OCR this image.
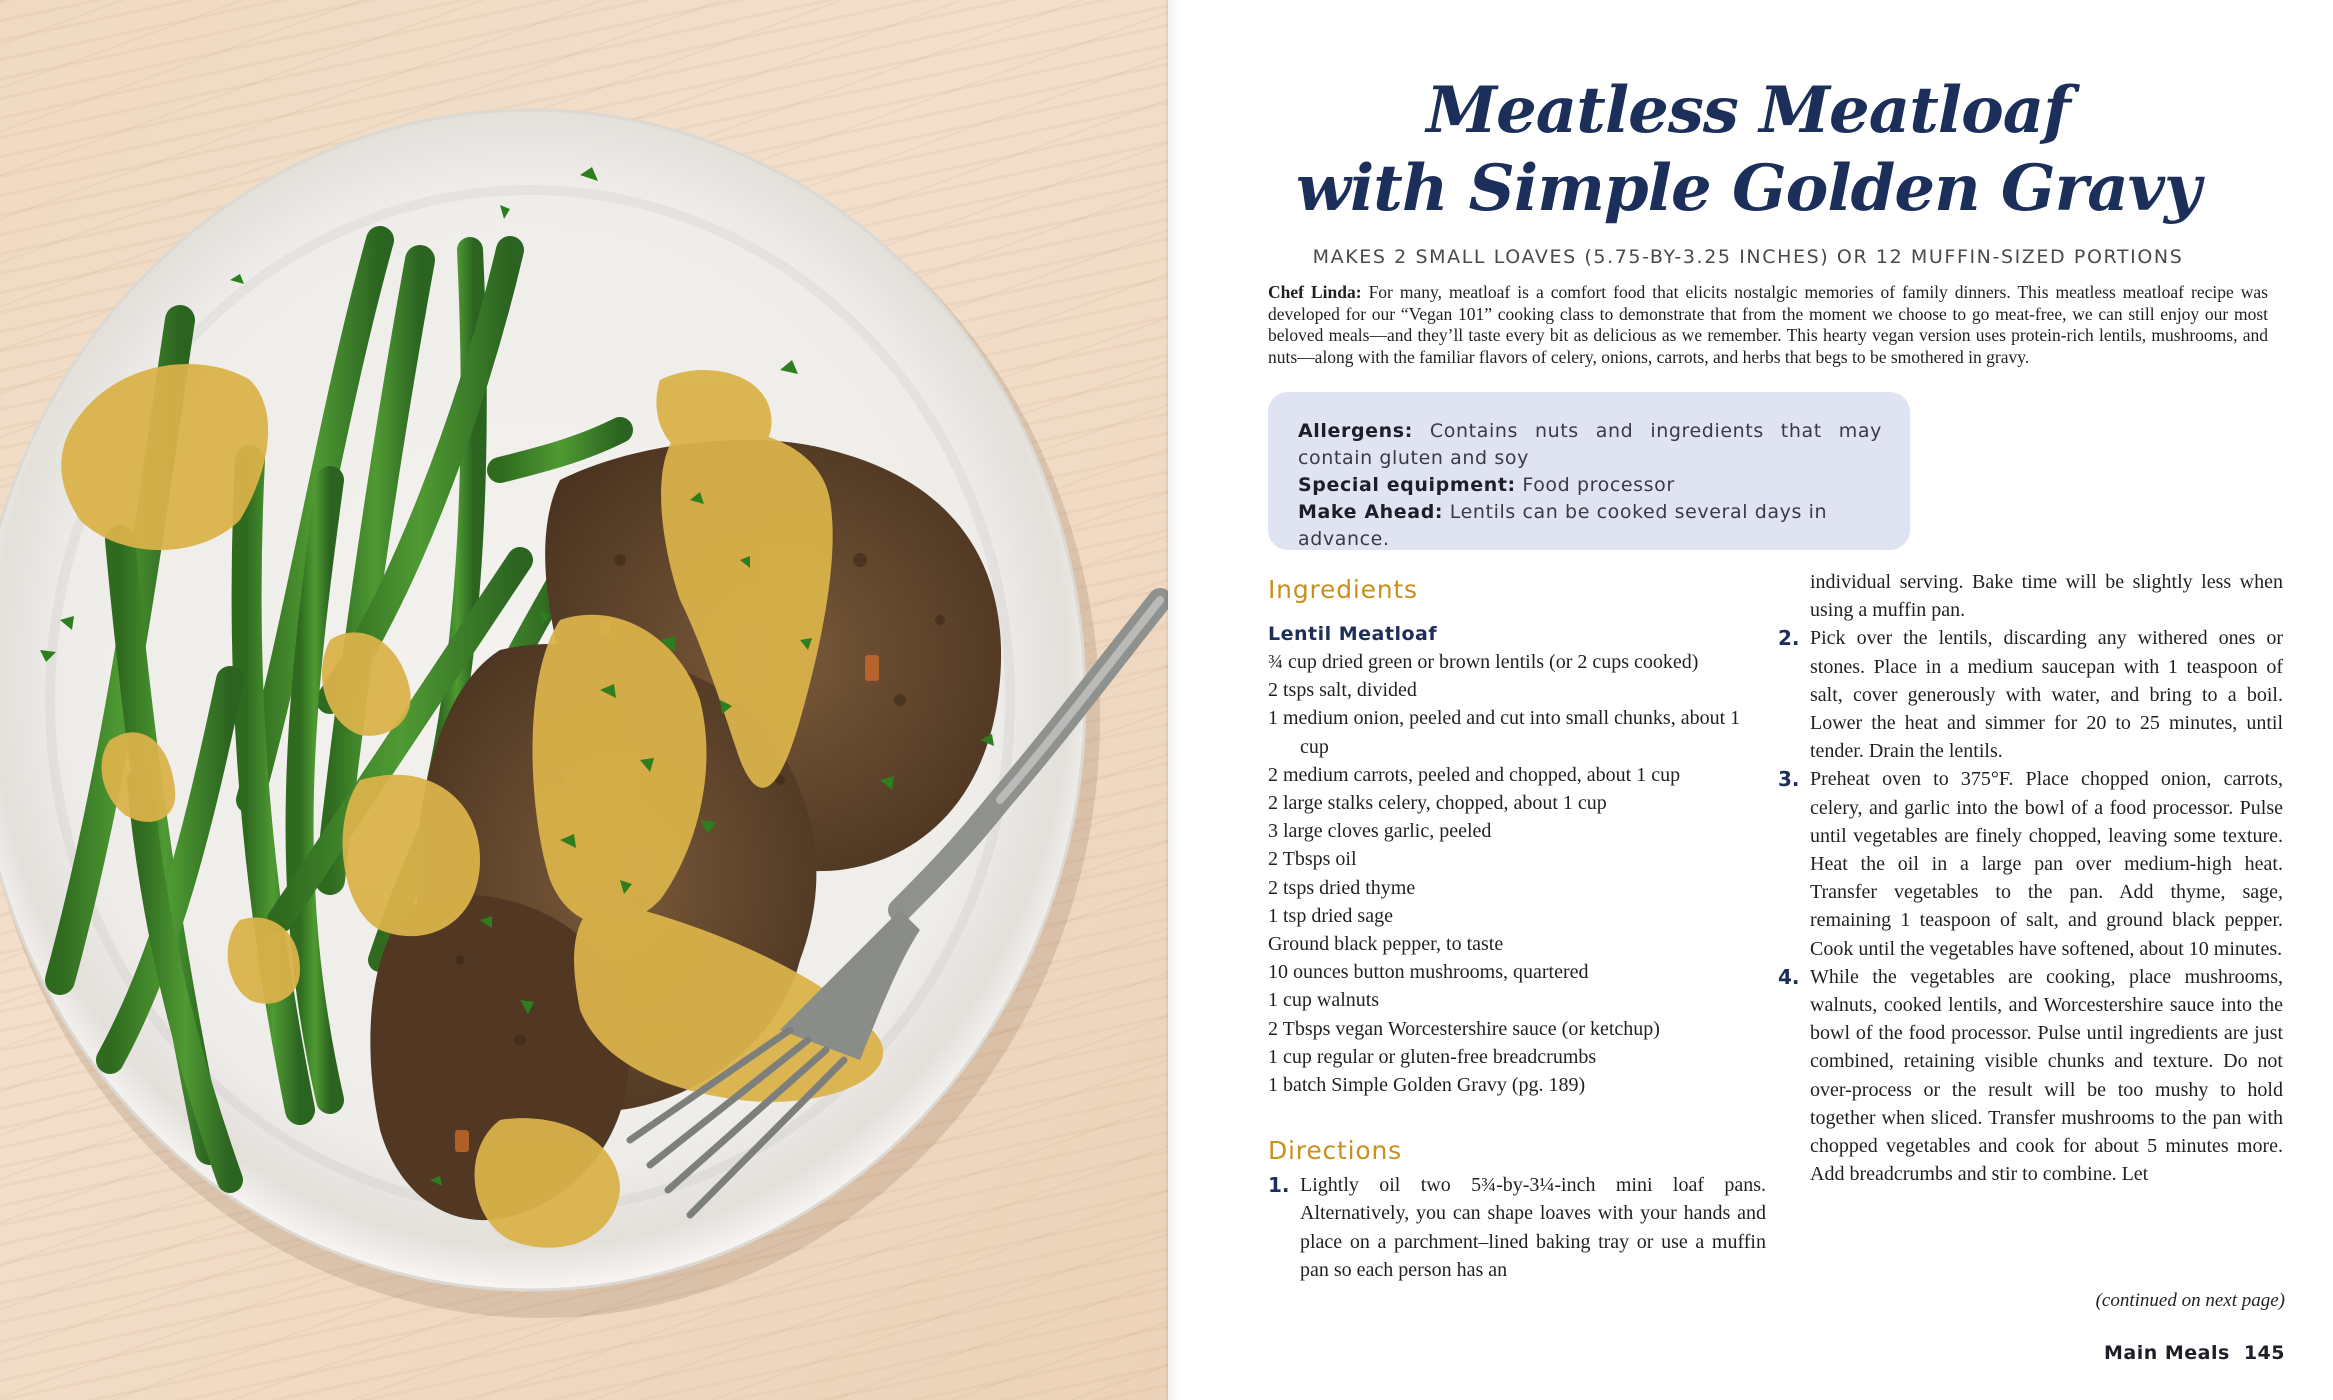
Meatless Meatloaf
with Simple Golden Gravy
MAKES 2 SMALL LOAVES (5.75-BY-3.25 INCHES) OR 12 MUFFIN-SIZED PORTIONS
Chef Linda: For many, meatloaf is a comfort food that elicits nostalgic memories of family dinners. This meatless meatloaf recipe was developed for our “Vegan 101” cooking class to demonstrate that from the moment we choose to go meat-free, we can still enjoy our most beloved meals—and they’ll taste every bit as delicious as we remember. This hearty vegan version uses protein-rich lentils, mushrooms, and nuts—along with the familiar flavors of celery, onions, carrots, and herbs that begs to be smothered in gravy.
Allergens: Contains nuts and ingredients that may contain gluten and soy
Special equipment: Food processor
Make Ahead: Lentils can be cooked several days in advance.
Ingredients
Lentil Meatloaf
¾ cup dried green or brown lentils (or 2 cups cooked)
2 tsps salt, divided
1 medium onion, peeled and cut into small chunks, about 1 cup
2 medium carrots, peeled and chopped, about 1 cup
2 large stalks celery, chopped, about 1 cup
3 large cloves garlic, peeled
2 Tbsps oil
2 tsps dried thyme
1 tsp dried sage
Ground black pepper, to taste
10 ounces button mushrooms, quartered
1 cup walnuts
2 Tbsps vegan Worcestershire sauce (or ketchup)
1 cup regular or gluten-free breadcrumbs
1 batch Simple Golden Gravy (pg. 189)
Directions
1. Lightly oil two 5¾-by-3¼-inch mini loaf pans. Alternatively, you can shape loaves with your hands and place on a parchment–lined baking tray or use a muffin pan so each person has an
individual serving. Bake time will be slightly less when using a muffin pan.
2. Pick over the lentils, discarding any withered ones or stones. Place in a medium saucepan with 1 teaspoon of salt, cover generously with water, and bring to a boil. Lower the heat and simmer for 20 to 25 minutes, until tender. Drain the lentils.
3. Preheat oven to 375°F. Place chopped onion, carrots, celery, and garlic into the bowl of a food processor. Pulse until vegetables are finely chopped, leaving some texture. Heat the oil in a large pan over medium-high heat. Transfer vegetables to the pan. Add thyme, sage, remaining 1 teaspoon of salt, and ground black pepper. Cook until the vegetables have softened, about 10 minutes.
4. While the vegetables are cooking, place mushrooms, walnuts, cooked lentils, and Worcestershire sauce into the bowl of the food processor. Pulse until ingredients are just combined, retaining visible chunks and texture. Do not over-process or the result will be too mushy to hold together when sliced. Transfer mushrooms to the pan with chopped vegetables and cook for about 5 minutes more. Add breadcrumbs and stir to combine. Let
(continued on next page)
Main Meals 145
